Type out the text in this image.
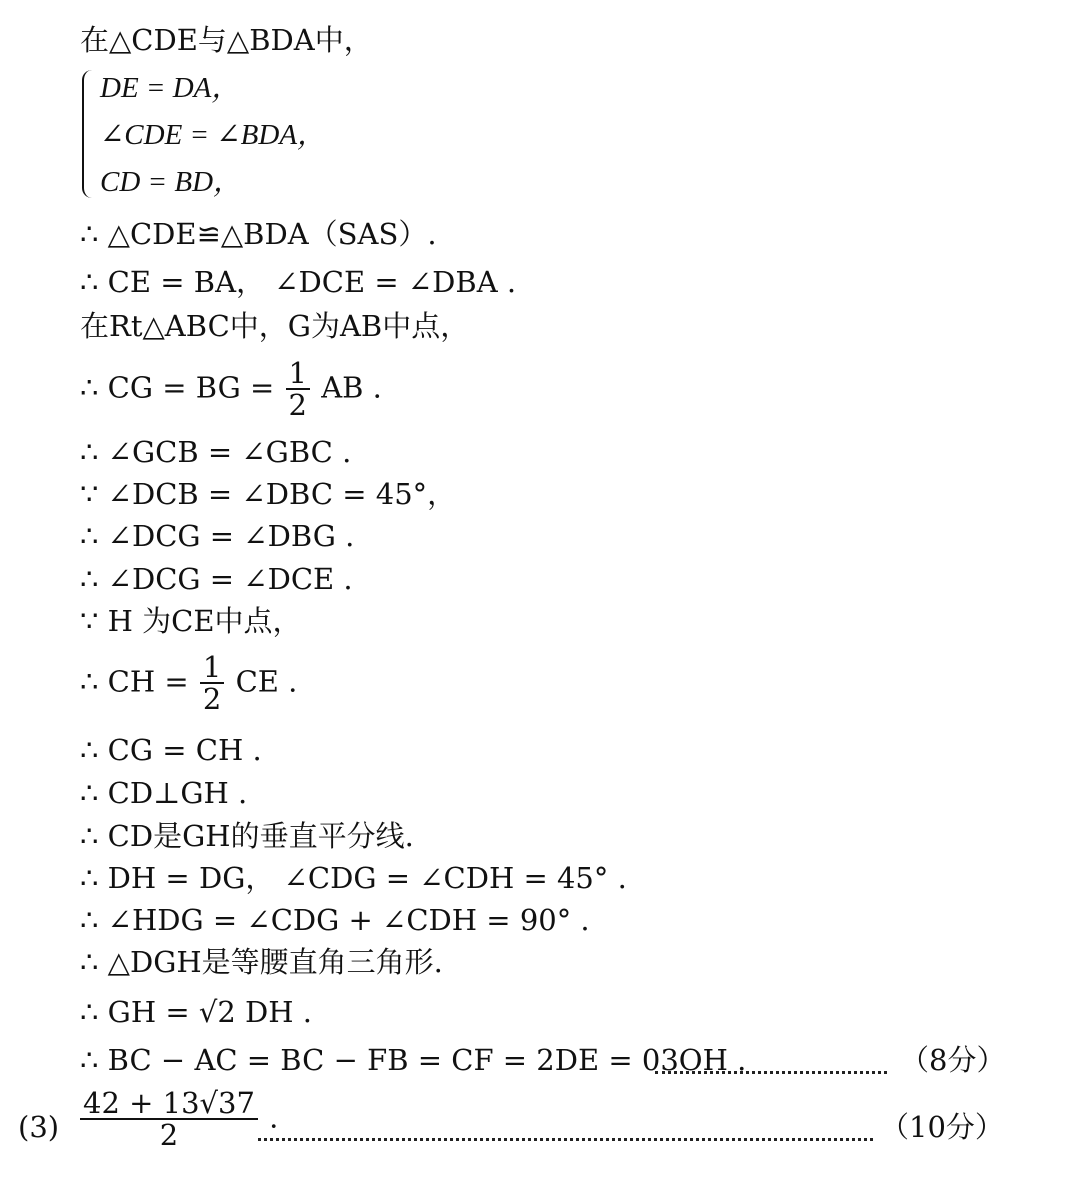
在△CDE与△BDA中，
DE = DA，
∠CDE = ∠BDA，
CD = BD，
∴ △CDE≌△BDA（SAS）.
∴ CE = BA， ∠DCE = ∠DBA .
在Rt△ABC中，G为AB中点，
∴ CG = BG = $\frac{1}{2}$ AB .
∴ ∠GCB = ∠GBC .
∵ ∠DCB = ∠DBC = 45°，
∴ ∠DCG = ∠DBG .
∴ ∠DCG = ∠DCE .
∵ H 为CE中点，
∴ CH = $\frac{1}{2}$ CE .
∴ CG = CH .
∴ CD⊥GH .
∴ CD是GH的垂直平分线.
∴ DH = DG， ∠CDG = ∠CDH = 45° .
∴ ∠HDG = ∠CDG + ∠CDH = 90° .
∴ △DGH是等腰直角三角形.
∴ GH = √2 DH .
∴ BC − AC = BC − FB = CF = 2DE = 03OH .	（8分）
$(3) \frac{42 + 13√37}{2}$ .	（10分）
